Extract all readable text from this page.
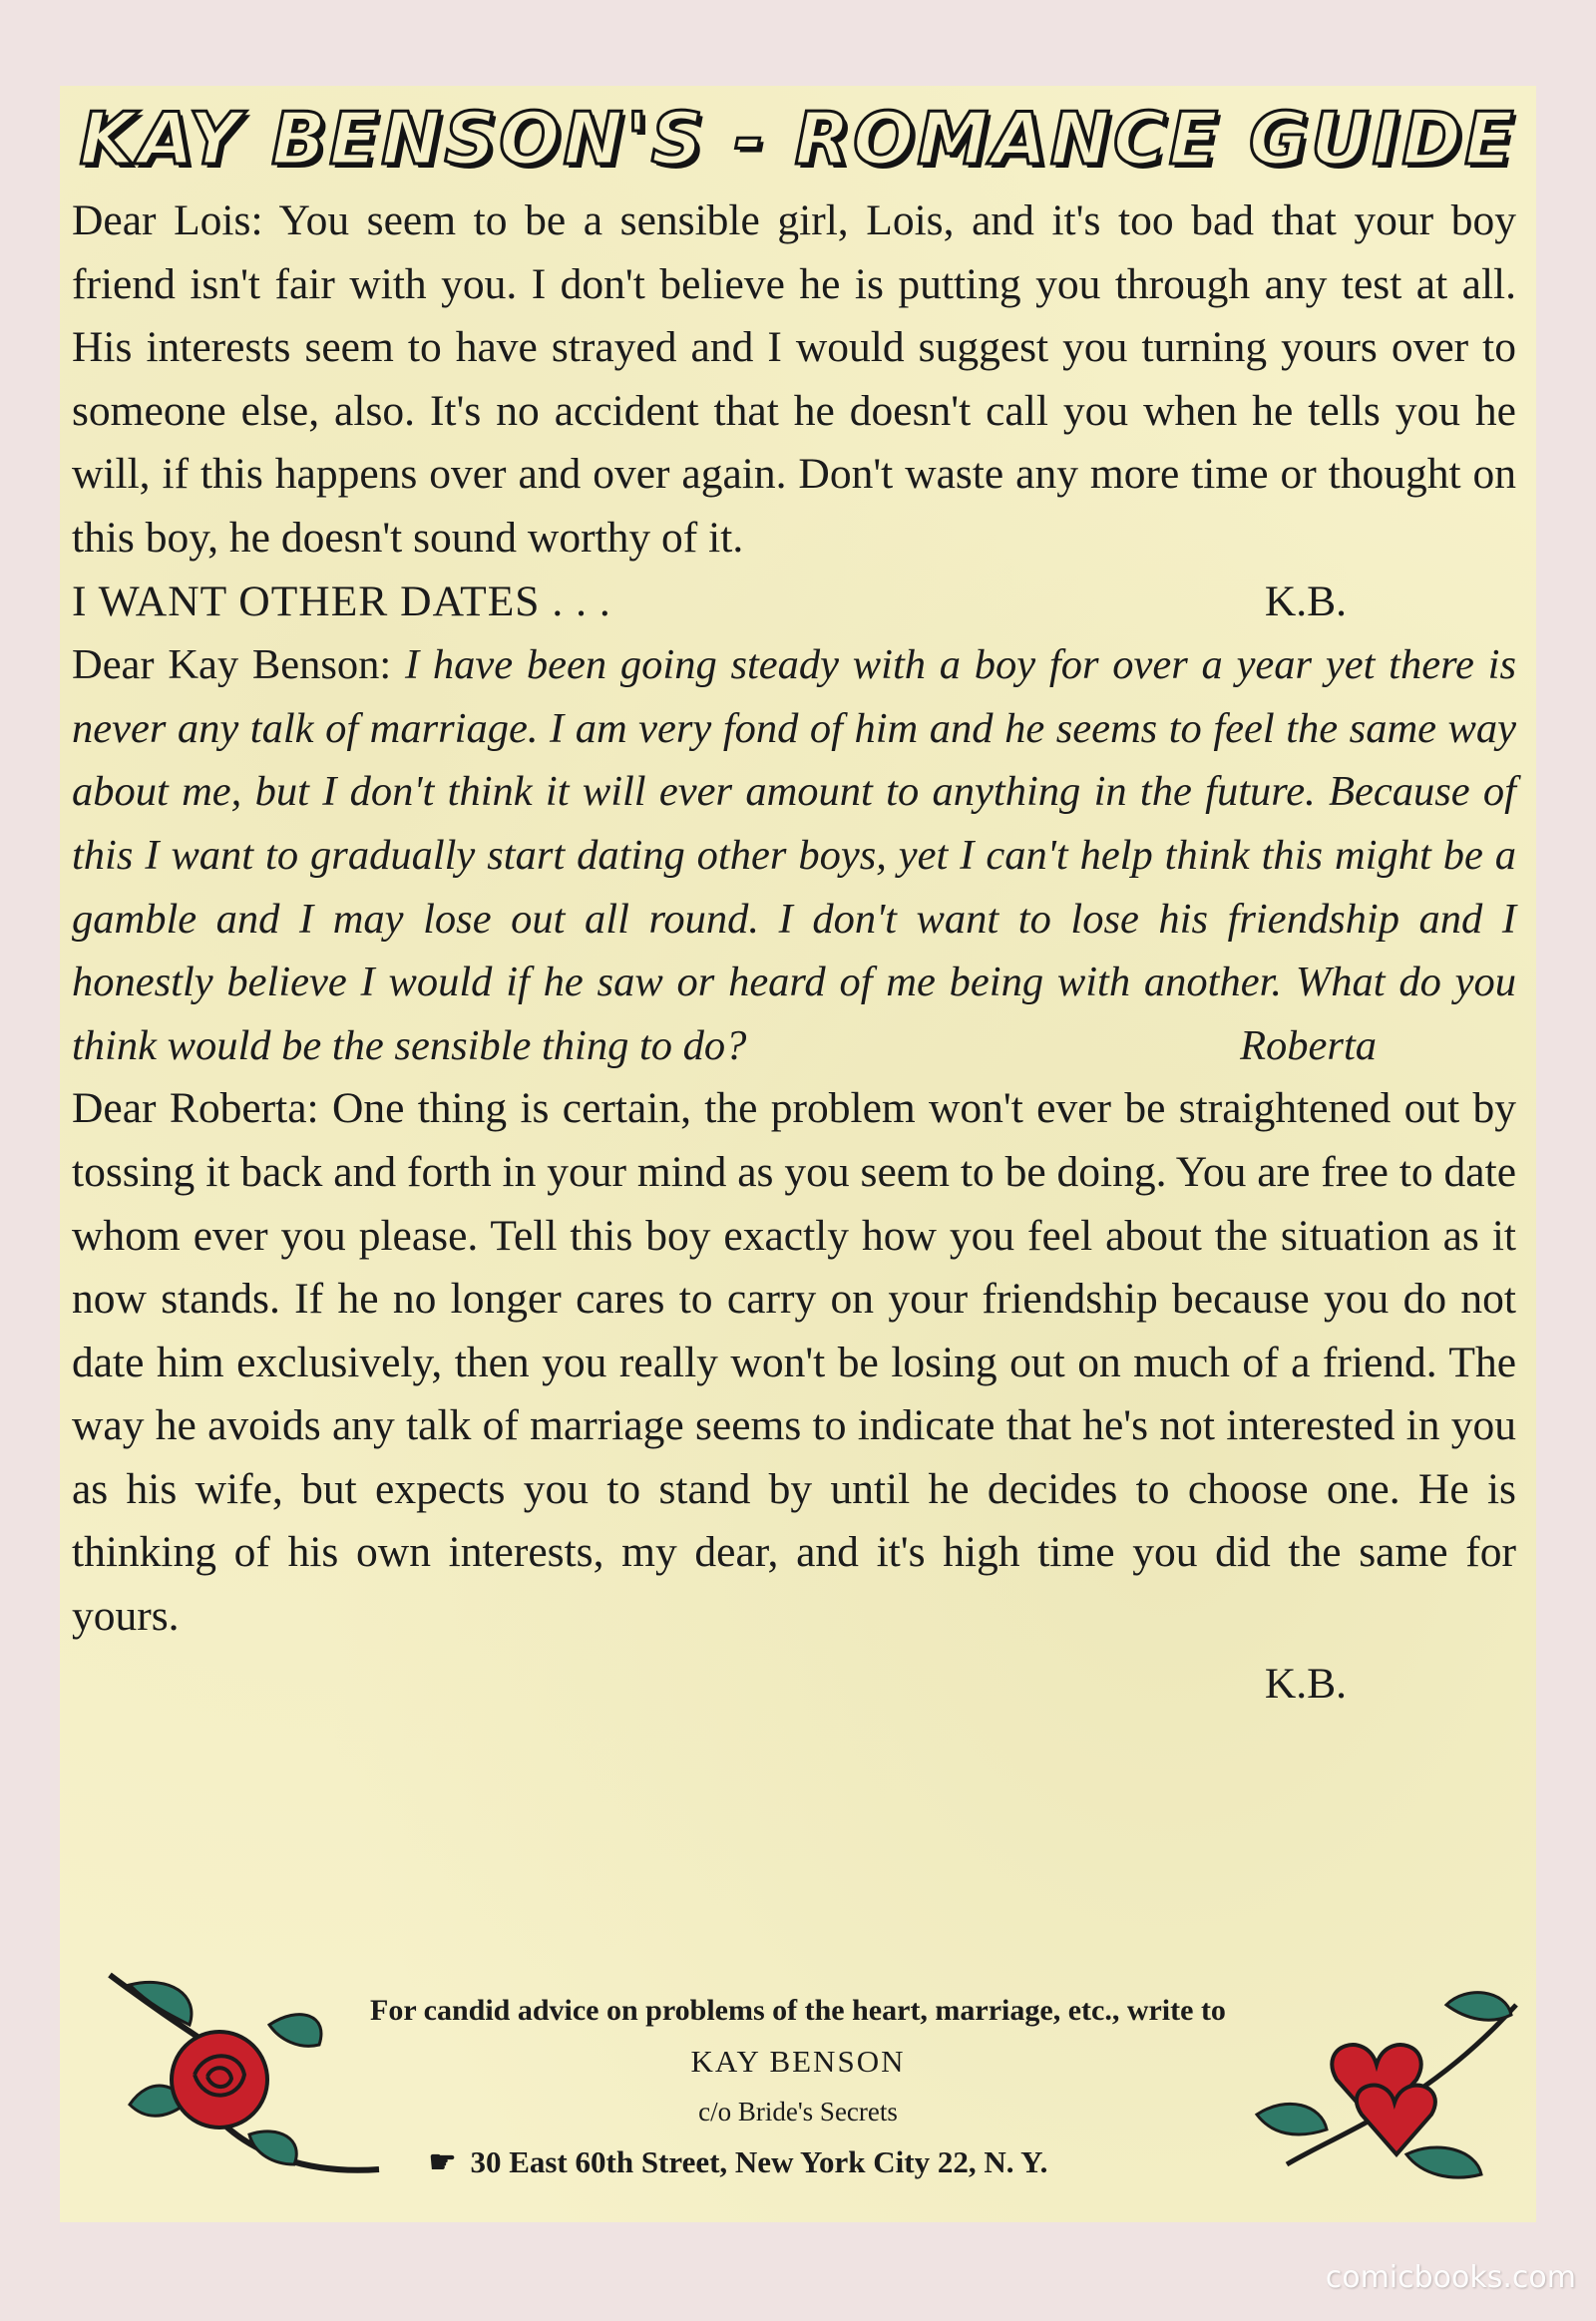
KAY BENSON'S - ROMANCE GUIDE

Dear Lois: You seem to be a sensible girl, Lois, and it's too bad that your boy friend isn't fair with you. I don't believe he is putting you through any test at all. His interests seem to have strayed and I would suggest you turning yours over to someone else, also. It's no accident that he doesn't call you when he tells you he will, if this happens over and over again. Don't waste any more time or thought on this boy, he doesn't sound worthy of it.

I WANT OTHER DATES . . .	K.B.

Dear Kay Benson: I have been going steady with a boy for over a year yet there is never any talk of marriage. I am very fond of him and he seems to feel the same way about me, but I don't think it will ever amount to anything in the future. Because of this I want to gradually start dating other boys, yet I can't help think this might be a gamble and I may lose out all round. I don't want to lose his friendship and I honestly believe I would if he saw or heard of me being with another. What do you think would be the sensible thing to do?	Roberta

Dear Roberta: One thing is certain, the problem won't ever be straightened out by tossing it back and forth in your mind as you seem to be doing. You are free to date whom ever you please. Tell this boy exactly how you feel about the situation as it now stands. If he no longer cares to carry on your friendship because you do not date him exclusively, then you really won't be losing out on much of a friend. The way he avoids any talk of marriage seems to indicate that he's not interested in you as his wife, but expects you to stand by until he decides to choose one. He is thinking of his own interests, my dear, and it's high time you did the same for yours.

K.B.
For candid advice on problems of the heart, marriage, etc., write to
KAY BENSON
c/o Bride's Secrets
☛ 30 East 60th Street, New York City 22, N. Y.
comicbooks.com
